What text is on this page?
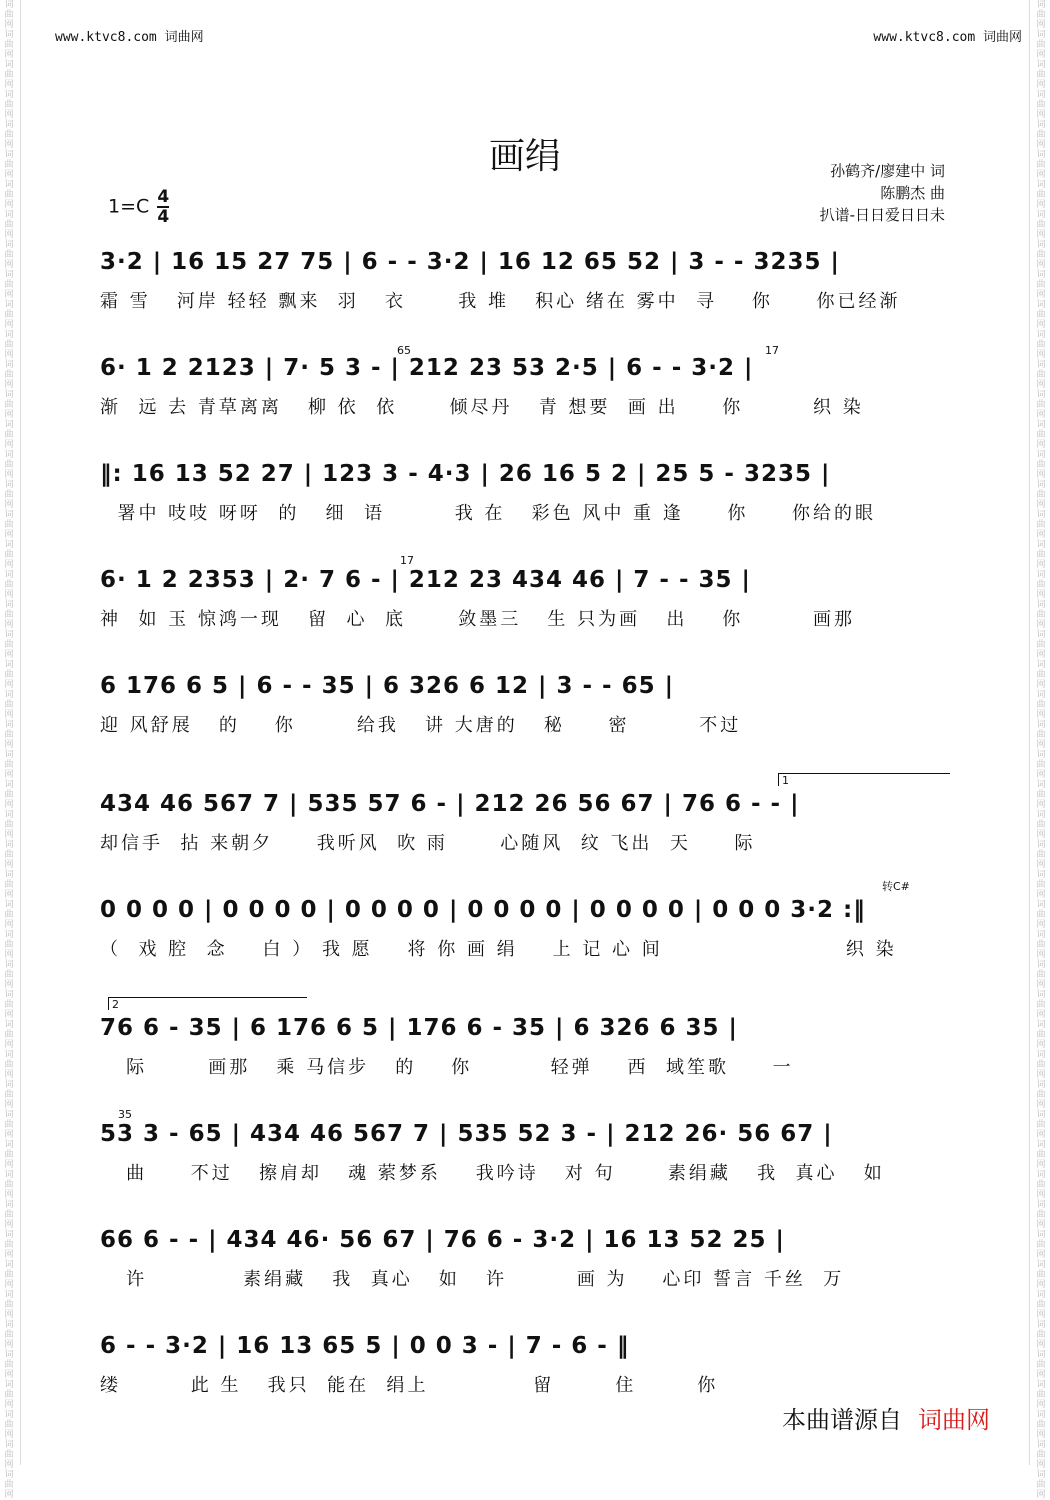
www.ktvc8.com 词曲网	www.ktvc8.com 词曲网
词曲网词曲网词曲网词曲网词曲网词曲网词曲网词曲网词曲网词曲网词曲网词曲网词曲网词曲网词曲网词曲网词曲网词曲网词曲网词曲网词曲网词曲网词曲网词曲网词曲网词曲网词曲网词曲网词曲网词曲网词曲网词曲网词曲网词曲网词曲网词曲网词曲网词曲网词曲网词曲网词曲网词曲网词曲网词曲网词曲网词曲网词曲网词曲网词曲网词曲网
词曲网词曲网词曲网词曲网词曲网词曲网词曲网词曲网词曲网词曲网词曲网词曲网词曲网词曲网词曲网词曲网词曲网词曲网词曲网词曲网词曲网词曲网词曲网词曲网词曲网词曲网词曲网词曲网词曲网词曲网词曲网词曲网词曲网词曲网词曲网词曲网词曲网词曲网词曲网词曲网词曲网词曲网词曲网词曲网词曲网词曲网词曲网词曲网词曲网词曲网
画绢	孙鹤齐/廖建中 词
陈鹏杰 曲
扒谱-日日爱日日未
$1=C \frac{4}{4}$
3·2 | 16 15 27 75 | 6 - - 3·2 | 16 12 65 52 | 3 - - 3235 |
霜 雪   河岸 轻轻 飘来  羽   衣      我 堆   积心 绪在 雾中  寻    你     你已经渐
6· 1 2 2123 | 7· 5 3 - | 212 23 53 2·5 | 6 - - 3·2 |
渐  远 去 青草离离   柳 依  依      倾尽丹   青 想要  画 出     你        织 染
‖: 16 13 52 27 | 123 3 - 4·3 | 26 16 5 2 | 25 5 - 3235 |
署中 吱吱 呀呀  的   细  语        我 在   彩色 风中 重 逢     你     你给的眼
6· 1 2 2353 | 2· 7 6 - | 212 23 434 46 | 7 - - 35 |
神  如 玉 惊鸿一现   留  心  底      敛墨三   生 只为画   出    你        画那
6 176 6 5 | 6 - - 35 | 6 326 6 12 | 3 - - 65 |
迎 风舒展   的    你       给我   讲 大唐的   秘     密        不过
434 46 567 7 | 535 57 6 - | 212 26 56 67 | 76 6 - - |
却信手  拈 来朝夕     我听风  吹 雨      心随风  纹 飞出  天     际
0 0 0 0 | 0 0 0 0 | 0 0 0 0 | 0 0 0 0 | 0 0 0 0 | 0 0 0 3·2 :‖
（  戏 腔  念    白 ） 我 愿    将 你 画 绢    上 记 心 间                     织 染
76 6 - 35 | 6 176 6 5 | 176 6 - 35 | 6 326 6 35 |
际       画那   乘 马信步   的    你         轻弹    西  域笙歌     一
53 3 - 65 | 434 46 567 7 | 535 52 3 - | 212 26· 56 67 |
曲     不过   擦肩却   魂 萦梦系    我吟诗   对 句      素绢藏   我  真心   如
66 6 - - | 434 46· 56 67 | 76 6 - 3·2 | 16 13 52 25 |
许           素绢藏   我  真心   如   许        画 为    心印 誓言 千丝  万
6 - - 3·2 | 16 13 65 5 | 0 0 3 - | 7 - 6 - ‖
缕        此 生   我只  能在  绢上            留       住       你
65	17
17
35
转C#
1
2
本曲谱源自 词曲网
